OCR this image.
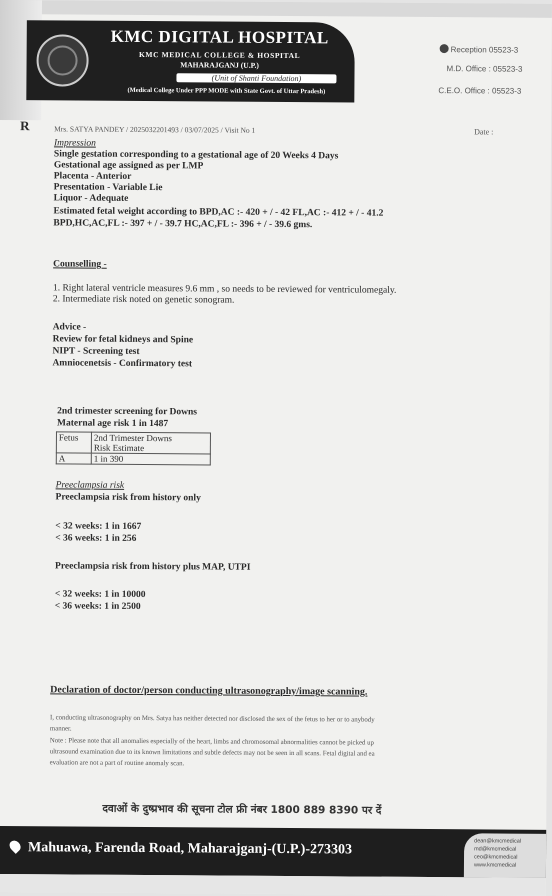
KMC DIGITAL HOSPITAL
KMC MEDICAL COLLEGE & HOSPITAL
MAHARAJGANJ (U.P.)
(Unit of Shanti Foundation)
(Medical College Under PPP MODE with State Govt. of Uttar Pradesh)
Reception 05523-3
M.D. Office : 05523-3
C.E.O. Office : 05523-3
R	Mrs. SATYA PANDEY / 2025032201493 / 03/07/2025 / Visit No 1	Date :
Impression
Single gestation corresponding to a gestational age of 20 Weeks 4 Days
Gestational age assigned as per LMP
Placenta - Anterior
Presentation - Variable Lie
Liquor - Adequate
Estimated fetal weight according to BPD,AC :- 420 + / - 42 FL,AC :- 412 + / - 41.2
BPD,HC,AC,FL :- 397 + / - 39.7 HC,AC,FL :- 396 + / - 39.6 gms.
Counselling -
1. Right lateral ventricle measures 9.6 mm , so needs to be reviewed for ventriculomegaly.
2. Intermediate risk noted on genetic sonogram.
Advice -
Review for fetal kidneys and Spine
NIPT - Screening test
Amniocenetsis - Confirmatory test
2nd trimester screening for Downs
Maternal age risk 1 in 1487
Fetus	2nd Trimester Downs
Risk Estimate
A	1 in 390
Preeclampsia risk
Preeclampsia risk from history only
< 32 weeks: 1 in 1667
< 36 weeks: 1 in 256
Preeclampsia risk from history plus MAP, UTPI
< 32 weeks: 1 in 10000
< 36 weeks: 1 in 2500
Declaration of doctor/person conducting ultrasonography/image scanning.
I, conducting ultrasonography on Mrs. Satya has neither detected nor disclosed the sex of the fetus to her or to anybody
manner.
Note : Please note that all anomalies especially of the heart, limbs and chromosomal abnormalities cannot be picked up
ultrasound examination due to its known limitations and subtle defects may not be seen in all scans. Fetal digital and ea
evaluation are not a part of routine anomaly scan.
दवाओं के दुष्प्रभाव की सूचना टोल फ्री नंबर 1800 889 8390 पर दें
Mahuawa, Farenda Road, Maharajganj-(U.P.)-273303	dean@kmcmedical
md@kmcmedical
ceo@kmcmedical
www.kmcmedical
